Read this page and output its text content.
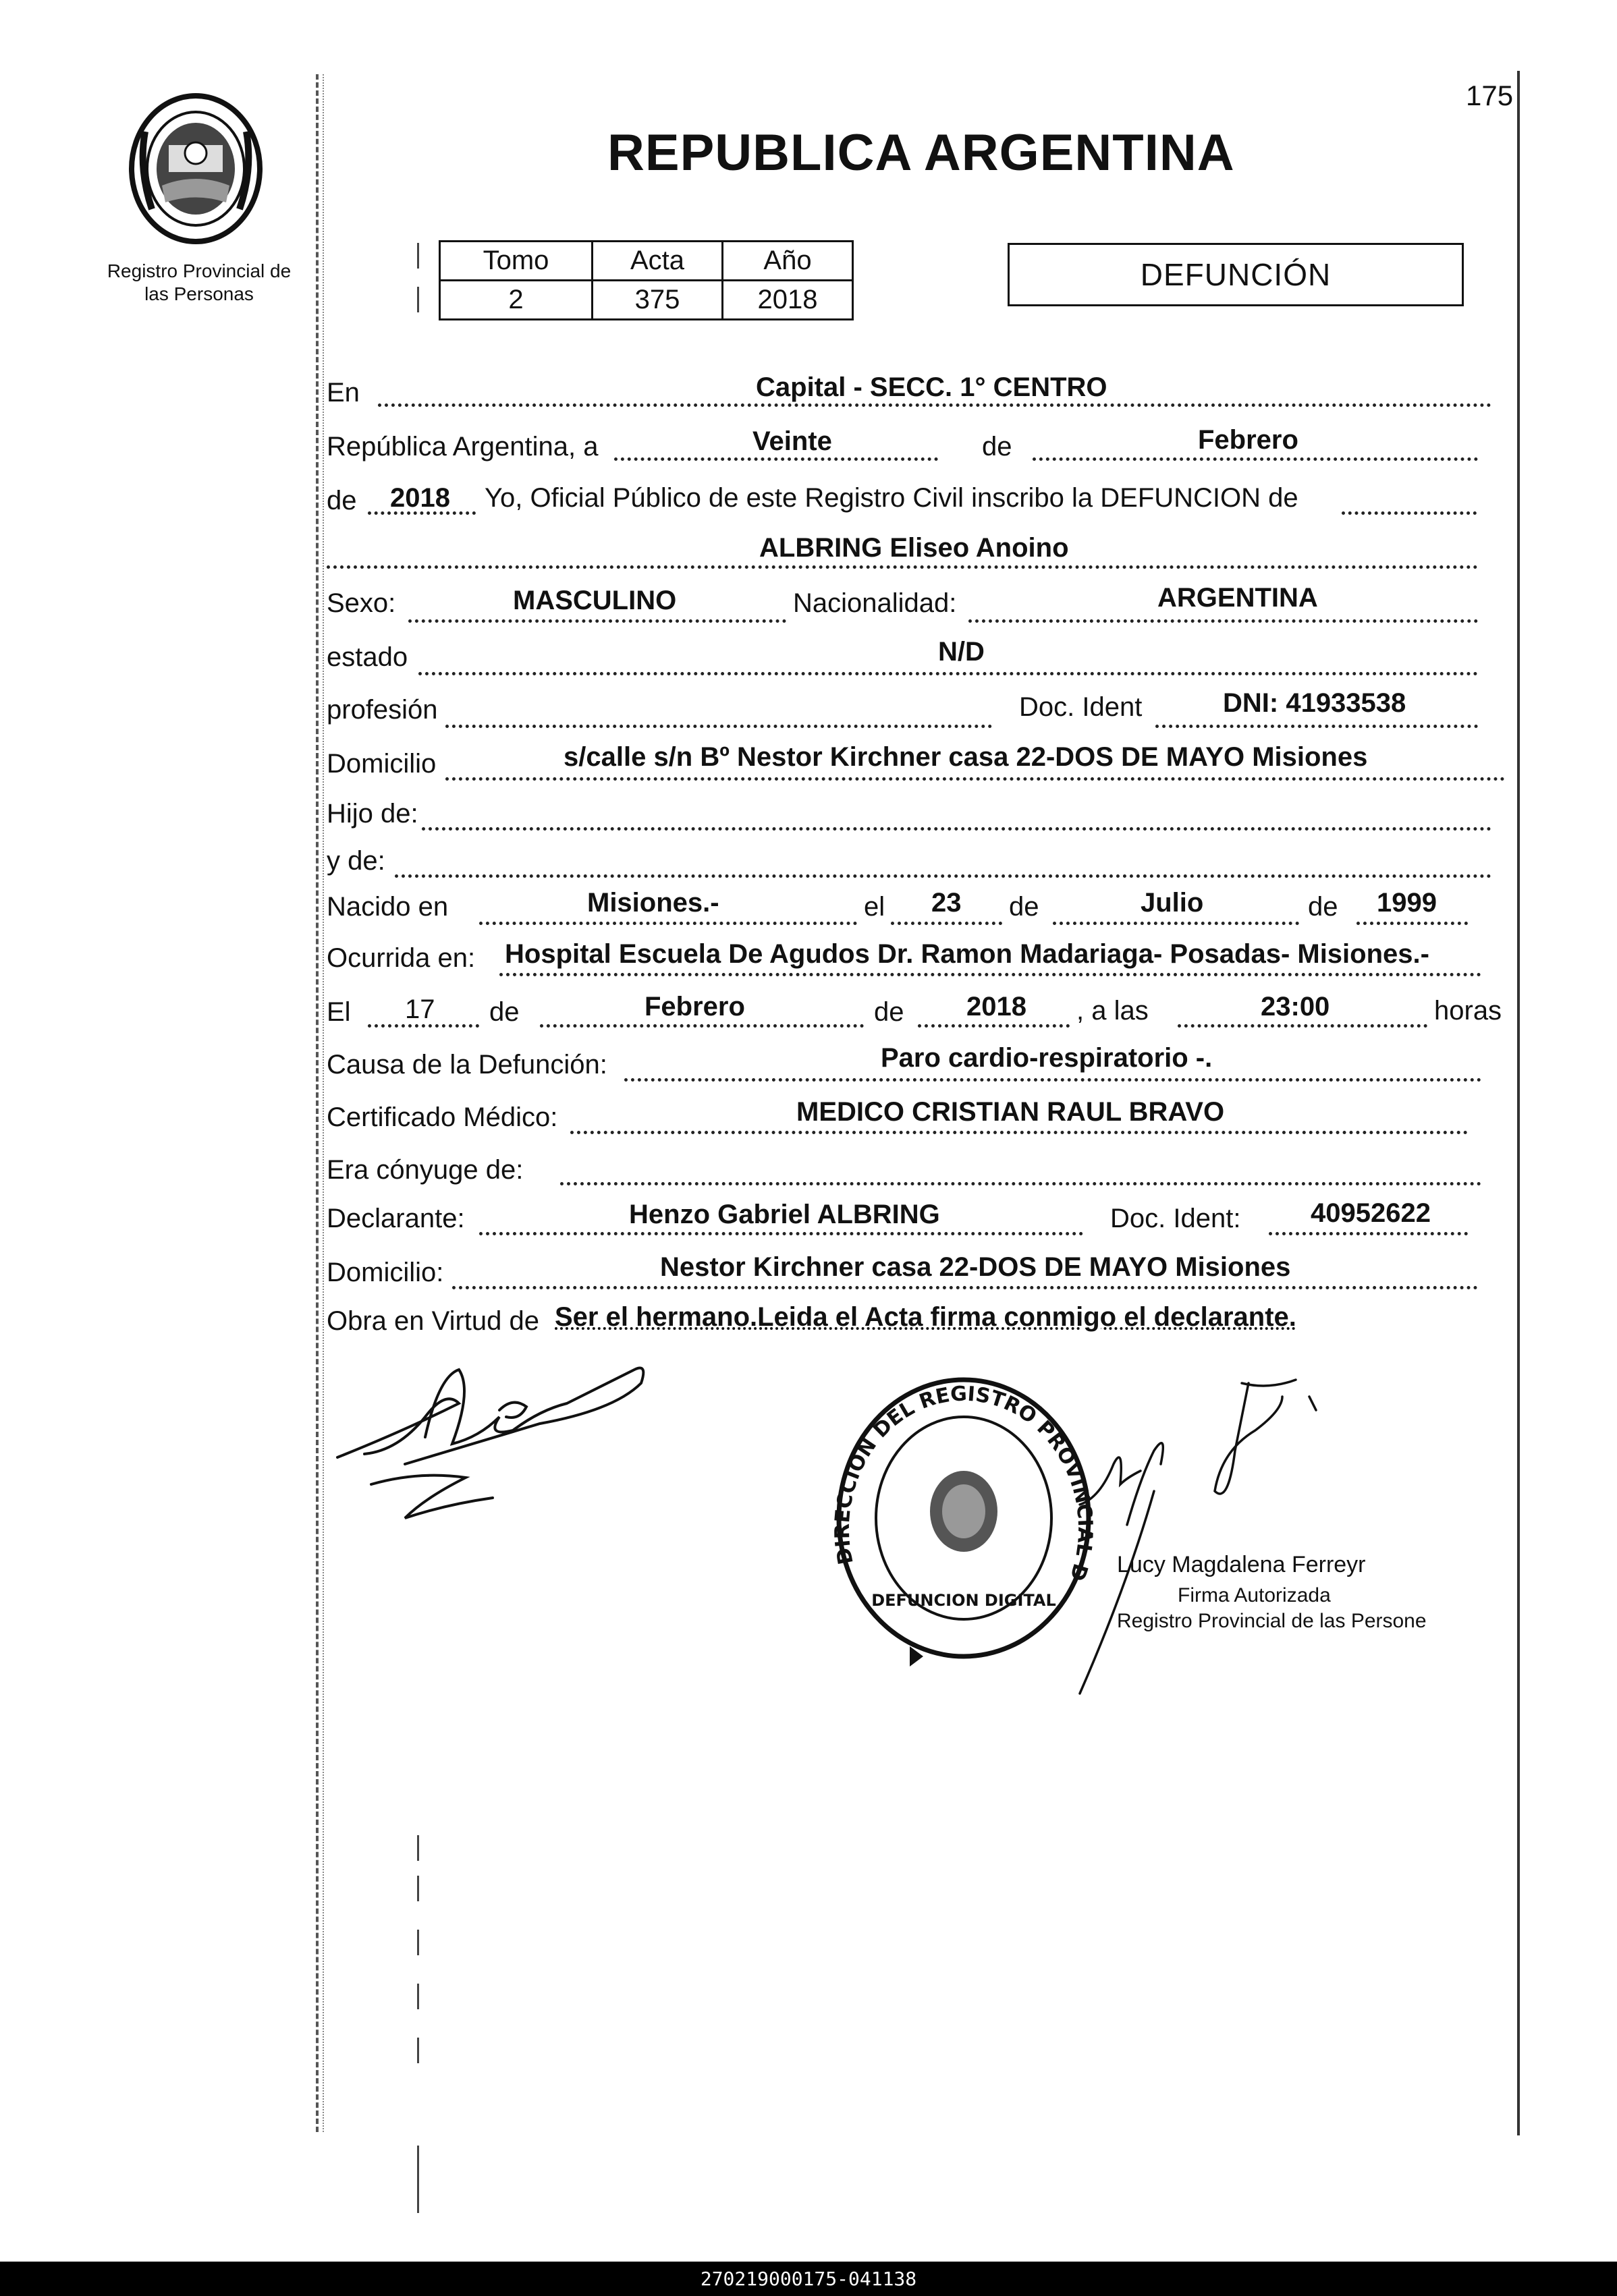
175
Registro Provincial de
las Personas
REPUBLICA ARGENTINA
Tomo	Acta	Año
2	375	2018
DEFUNCIÓN
En	Capital - SECC. 1° CENTRO
República Argentina, a	Veinte	de	Febrero
de 2018 Yo, Oficial Público de este Registro Civil inscribo la DEFUNCION de
ALBRING Eliseo Anoino
Sexo:	MASCULINO	Nacionalidad:	ARGENTINA
estado	N/D
profesión	Doc. Ident	DNI: 41933538
Domicilio	s/calle s/n Bº Nestor Kirchner casa 22-DOS DE MAYO Misiones
Hijo de:
y de:
Nacido en	Misiones.-	el 23 de	Julio	de 1999
Ocurrida en: Hospital Escuela De Agudos Dr. Ramon Madariaga- Posadas- Misiones.-
El 17 de	Febrero	de 2018 , a las	23:00	horas
Causa de la Defunción:	Paro cardio-respiratorio -.
Certificado Médico:	MEDICO CRISTIAN RAUL BRAVO
Era cónyuge de:
Declarante:	Henzo Gabriel ALBRING	Doc. Ident:	40952622
Domicilio:	Nestor Kirchner casa 22-DOS DE MAYO Misiones
Obra en Virtud de Ser el hermano.Leida el Acta firma conmigo el declarante.
DIRECCION DEL REGISTRO PROVINCIAL D
DEFUNCION DIGITAL
Lucy Magdalena Ferreyr
Firma Autorizada
Registro Provincial de las Persone
270219000175-041138
